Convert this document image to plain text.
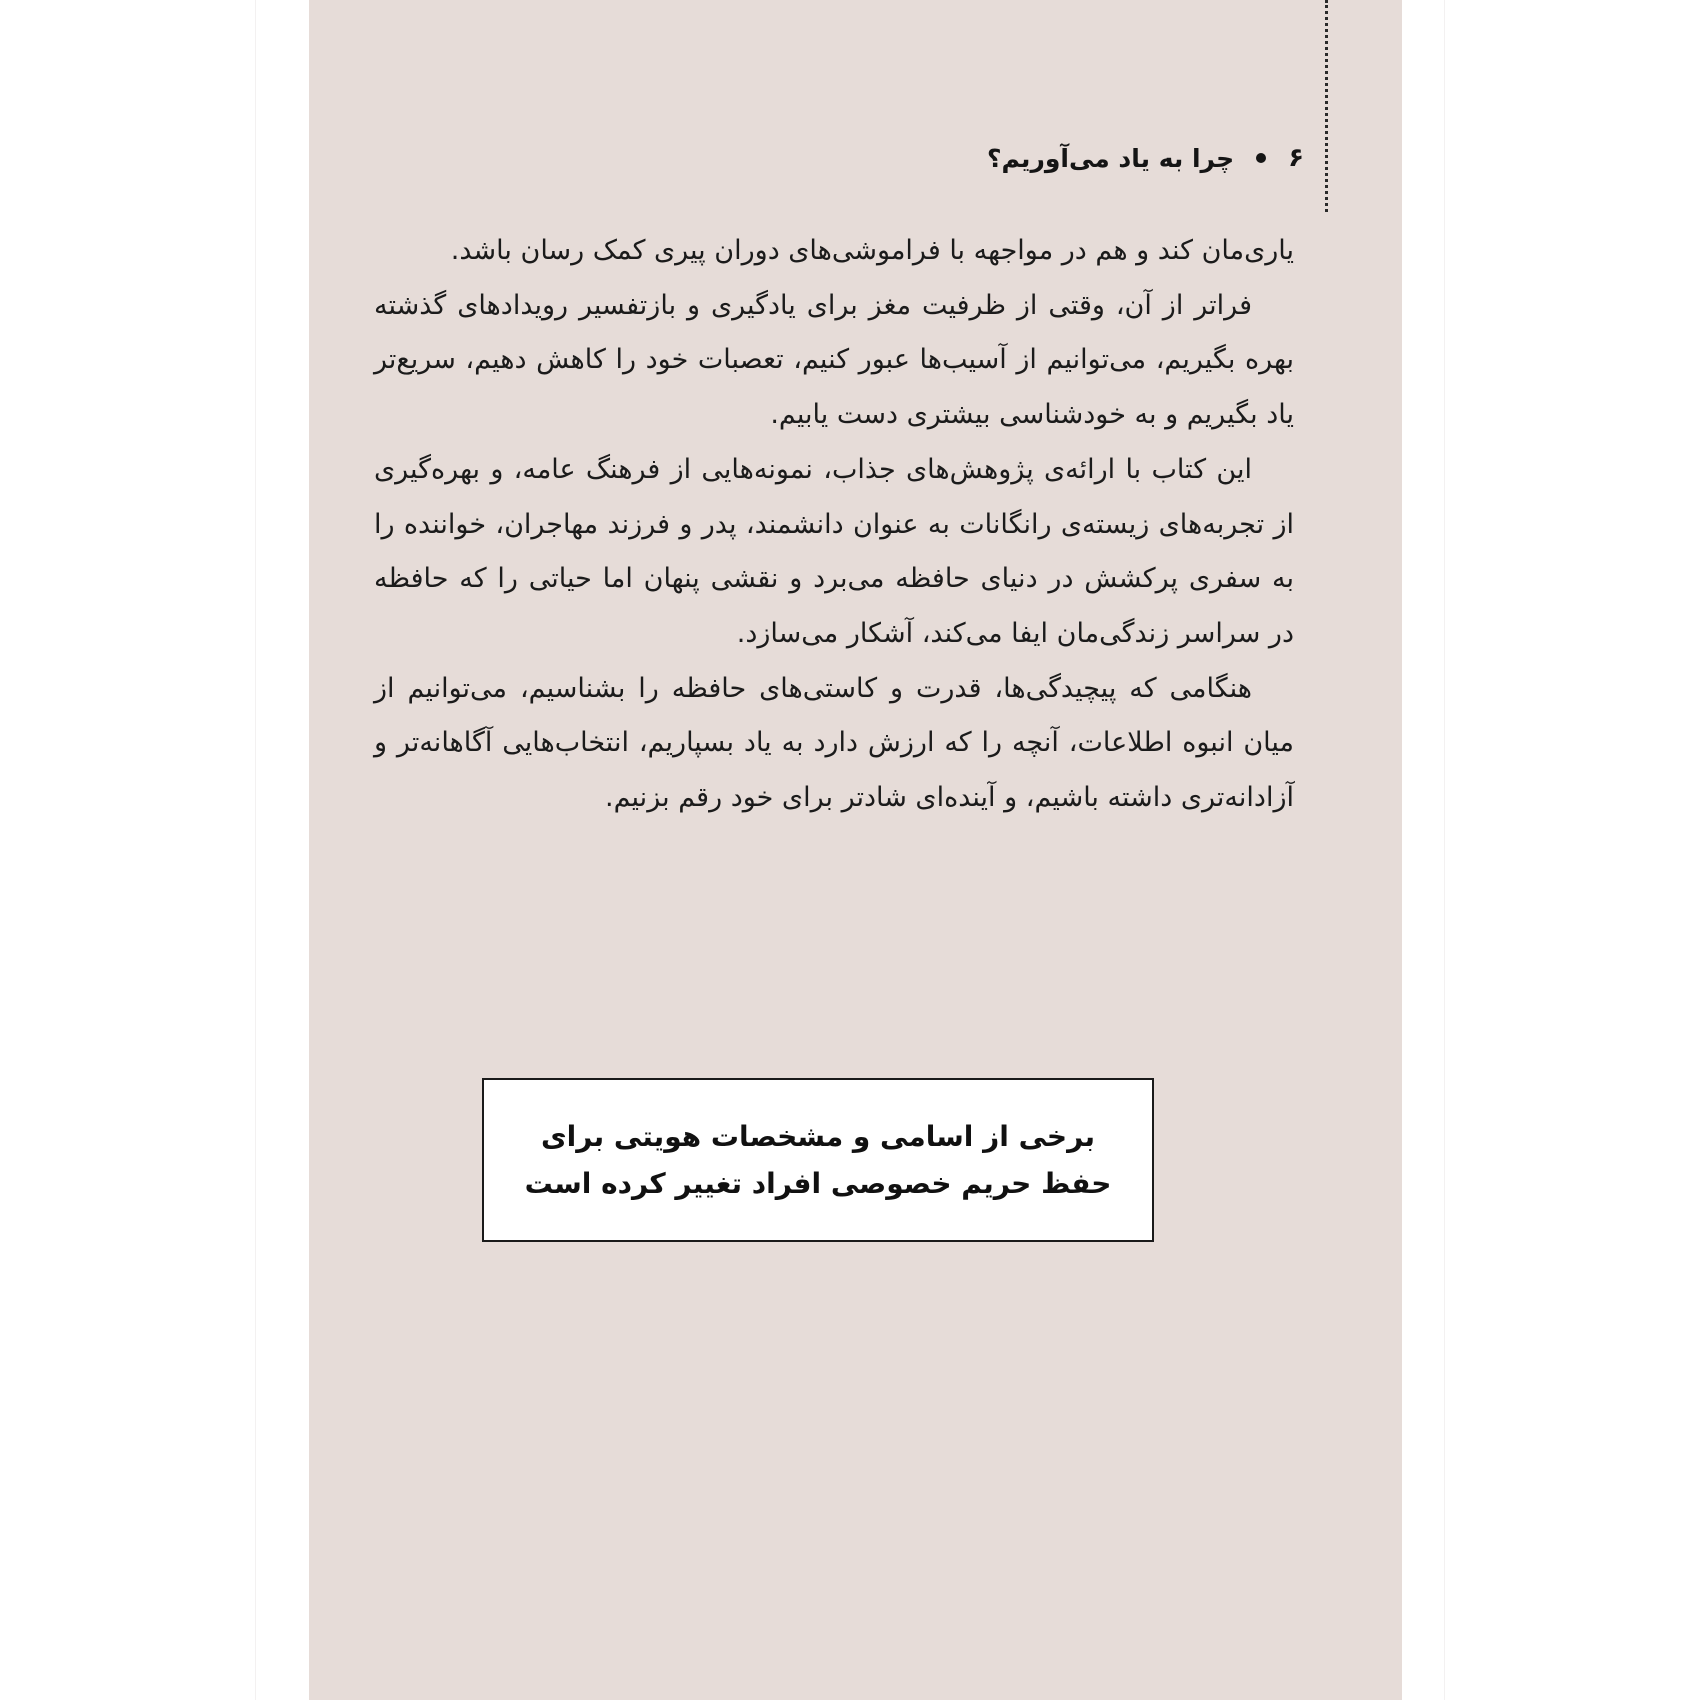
۶
چرا به یاد می‌آوریم؟

یاری‌مان کند و هم در مواجهه با فراموشی‌های دوران پیری کمک رسان باشد.

فراتر از آن، وقتی از ظرفیت مغز برای یادگیری و بازتفسیر رویدادهای گذشته بهره بگیریم، می‌توانیم از آسیب‌ها عبور کنیم، تعصبات خود را کاهش دهیم، سریع‌تر یاد بگیریم و به خودشناسی بیشتری دست یابیم.

این کتاب با ارائه‌ی پژوهش‌های جذاب، نمونه‌هایی از فرهنگ عامه، و بهره‌گیری از تجربه‌های زیسته‌ی رانگانات به عنوان دانشمند، پدر و فرزند مهاجران، خواننده را به سفری پرکشش در دنیای حافظه می‌برد و نقشی پنهان اما حیاتی را که حافظه در سراسر زندگی‌مان ایفا می‌کند، آشکار می‌سازد.

هنگامی که پیچیدگی‌ها، قدرت و کاستی‌های حافظه را بشناسیم، می‌توانیم از میان انبوه اطلاعات، آنچه را که ارزش دارد به یاد بسپاریم، انتخاب‌هایی آگاهانه‌تر و آزادانه‌تری داشته باشیم، و آینده‌ای شادتر برای خود رقم بزنیم.

برخی از اسامی و مشخصات هویتی برای
حفظ حریم خصوصی افراد تغییر کرده است
